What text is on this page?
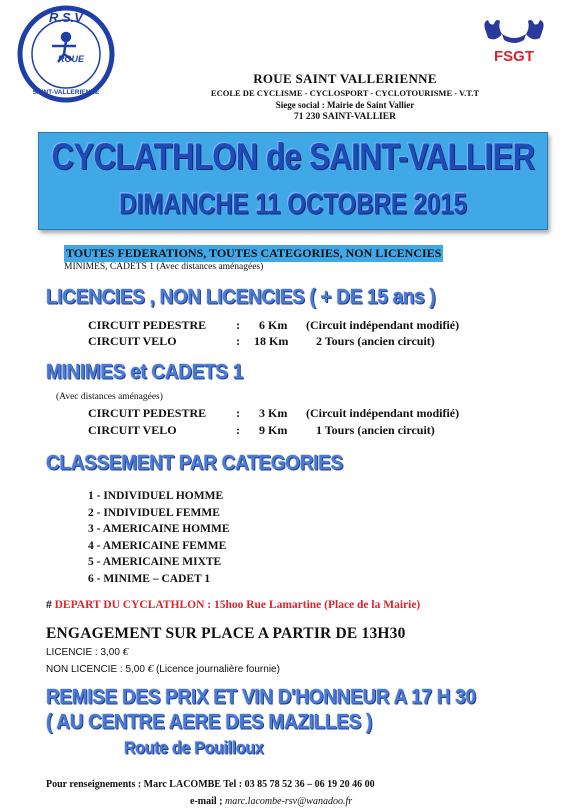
R.S.V
ROUE
SAINT-VALLERIENNE
FSGT
ROUE SAINT VALLERIENNE
ECOLE DE CYCLISME - CYCLOSPORT - CYCLOTOURISME - V.T.T
Siege social : Mairie de Saint Vallier
71 230 SAINT-VALLIER
CYCLATHLON de SAINT-VALLIER
DIMANCHE 11 OCTOBRE 2015
TOUTES FEDERATIONS, TOUTES CATEGORIES, NON LICENCIES
MINIMES, CADETS 1 (Avec distances aménagées)
LICENCIES , NON LICENCIES ( + DE 15 ans )
CIRCUIT PEDESTRE : 6 Km (Circuit indépendant modifié)
CIRCUIT VELO	: 18 Km 2 Tours (ancien circuit)
MINIMES et CADETS 1
(Avec distances aménagées)
CIRCUIT PEDESTRE : 3 Km (Circuit indépendant modifié)
CIRCUIT VELO	: 9 Km 1 Tours (ancien circuit)
CLASSEMENT PAR CATEGORIES
1 - INDIVIDUEL HOMME
2 - INDIVIDUEL FEMME
3 - AMERICAINE HOMME
4 - AMERICAINE FEMME
5 - AMERICAINE MIXTE
6 - MINIME – CADET 1
# DEPART DU CYCLATHLON : 15hoo Rue Lamartine (Place de la Mairie)
ENGAGEMENT SUR PLACE A PARTIR DE 13H30
LICENCIE : 3,00 €
NON LICENCIE : 5,00 € (Licence journalière fournie)
REMISE DES PRIX ET VIN D'HONNEUR A 17 H 30
( AU CENTRE AERE DES MAZILLES )
Route de Pouilloux
Pour renseignements : Marc LACOMBE Tel : 03 85 78 52 36 – 06 19 20 46 00
e-mail ; marc.lacombe-rsv@wanadoo.fr
